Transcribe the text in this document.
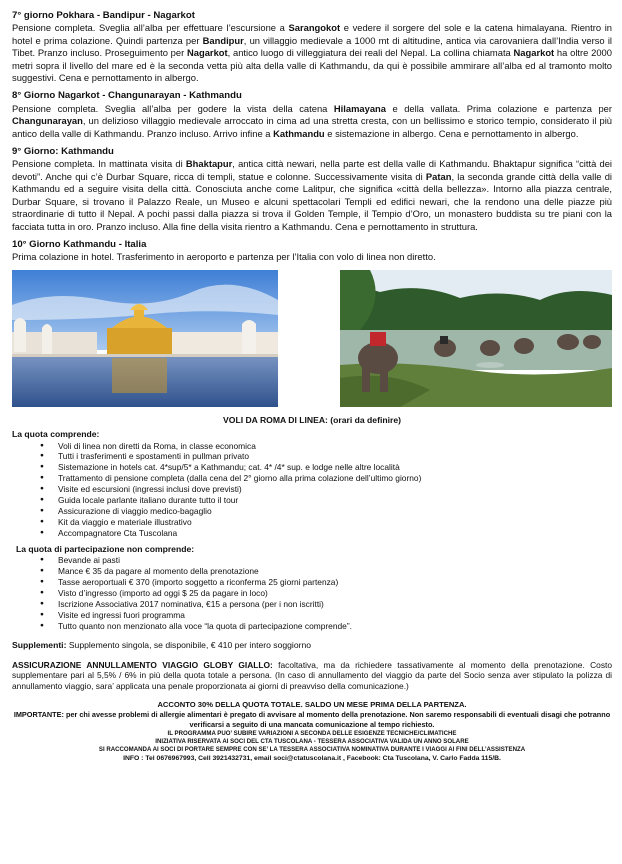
7° giorno Pokhara - Bandipur - Nagarkot

Pensione completa. Sveglia all’alba per effettuare l’escursione a Sarangokot e vedere il sorgere del sole e la catena himalayana. Rientro in hotel e prima colazione. Quindi partenza per Bandipur, un villaggio medievale a 1000 mt di altitudine, antica via carovaniera dall’India verso il Tibet. Pranzo incluso. Proseguimento per Nagarkot, antico luogo di villeggiatura dei reali del Nepal. La collina chiamata Nagarkot ha oltre 2000 metri sopra il livello del mare ed è la seconda vetta più alta della valle di Kathmandu, da qui è possibile ammirare all’alba ed al tramonto molto suggestivi. Cena e pernottamento in albergo.

8° Giorno Nagarkot - Changunarayan - Kathmandu

Pensione completa. Sveglia all’alba per godere la vista della catena Hilamayana e della vallata. Prima colazione e partenza per Changunarayan, un delizioso villaggio medievale arroccato in cima ad una stretta cresta, con un bellissimo e storico tempio, considerato il più antico della valle di Kathmandu. Pranzo incluso. Arrivo infine a Kathmandu e sistemazione in albergo. Cena e pernottamento in albergo.

9° Giorno: Kathmandu

Pensione completa. In mattinata visita di Bhaktapur, antica città newari, nella parte est della valle di Kathmandu. Bhaktapur significa “città dei devoti”. Anche qui c’è Durbar Square, ricca di templi, statue e colonne. Successivamente visita di Patan, la seconda grande città della valle di Kathmandu ed a seguire visita della città. Conosciuta anche come Lalitpur, che significa «città della bellezza». Intorno alla piazza centrale, Durbar Square, si trovano il Palazzo Reale, un Museo e alcuni spettacolari Templi ed edifici newari, che la rendono una delle piazze più straordinarie di tutto il Nepal. A pochi passi dalla piazza si trova il Golden Temple, il Tempio d’Oro, un monastero buddista su tre piani con la facciata tutta in oro. Pranzo incluso. Alla fine della visita rientro a Kathmandu. Cena e pernottamento in struttura.

10° Giorno Kathmandu - Italia

Prima colazione in hotel. Trasferimento in aeroporto e partenza per l’Italia con volo di linea non diretto.

VOLI DA ROMA DI LINEA: (orari da definire)

La quota comprende:

● Voli di linea non diretti da Roma, in classe economica
● Tutti i trasferimenti e spostamenti in pullman privato
● Sistemazione in hotels cat. 4*sup/5* a Kathmandu; cat. 4* /4* sup. e lodge nelle altre località
● Trattamento di pensione completa (dalla cena del 2° giorno alla prima colazione dell’ultimo giorno)
● Visite ed escursioni (ingressi inclusi dove previsti)
● Guida locale parlante italiano durante tutto il tour
● Assicurazione di viaggio medico-bagaglio
● Kit da viaggio e materiale illustrativo
● Accompagnatore Cta Tuscolana

La quota di partecipazione non comprende:

● Bevande ai pasti
● Mance € 35 da pagare al momento della prenotazione
● Tasse aeroportuali € 370 (importo soggetto a riconferma 25 giorni partenza)
● Visto d’ingresso (importo ad oggi $ 25 da pagare in loco)
● Iscrizione Associativa 2017 nominativa, €15 a persona (per i non iscritti)
● Visite ed ingressi fuori programma
● Tutto quanto non menzionato alla voce “la quota di partecipazione comprende”.

Supplementi: Supplemento singola, se disponibile, € 410 per intero soggiorno

ASSICURAZIONE ANNULLAMENTO VIAGGIO GLOBY GIALLO: facoltativa, ma da richiedere tassativamente al momento della prenotazione. Costo supplementare pari al 5,5% / 6% in più della quota totale a persona. (In caso di annullamento del viaggio da parte del Socio senza aver stipulato la polizza di annullamento viaggio, sara’ applicata una penale proporzionata ai giorni di preavviso della comunicazione.)

ACCONTO 30% DELLA QUOTA TOTALE. SALDO UN MESE PRIMA DELLA PARTENZA.

IMPORTANTE: per chi avesse problemi di allergie alimentari è pregato di avvisare al momento della prenotazione. Non saremo responsabili di eventuali disagi che potranno verificarsi a seguito di una mancata comunicazione al tempo richiesto.

IL PROGRAMMA PUO’ SUBIRE VARIAZIONI A SECONDA DELLE ESIGENZE TECNICHE/CLIMATICHE

INIZIATIVA RISERVATA AI SOCI DEL CTA TUSCOLANA - TESSERA ASSOCIATIVA VALIDA UN ANNO SOLARE

SI RACCOMANDA AI SOCI DI PORTARE SEMPRE CON SE’ LA TESSERA ASSOCIATIVA NOMINATIVA DURANTE I VIAGGI AI FINI DELL’ASSISTENZA

INFO : Tel 0676967993, Cell 3921432731, email soci@ctatuscolana.it , Facebook: Cta Tuscolana, V. Carlo Fadda 115/B.
